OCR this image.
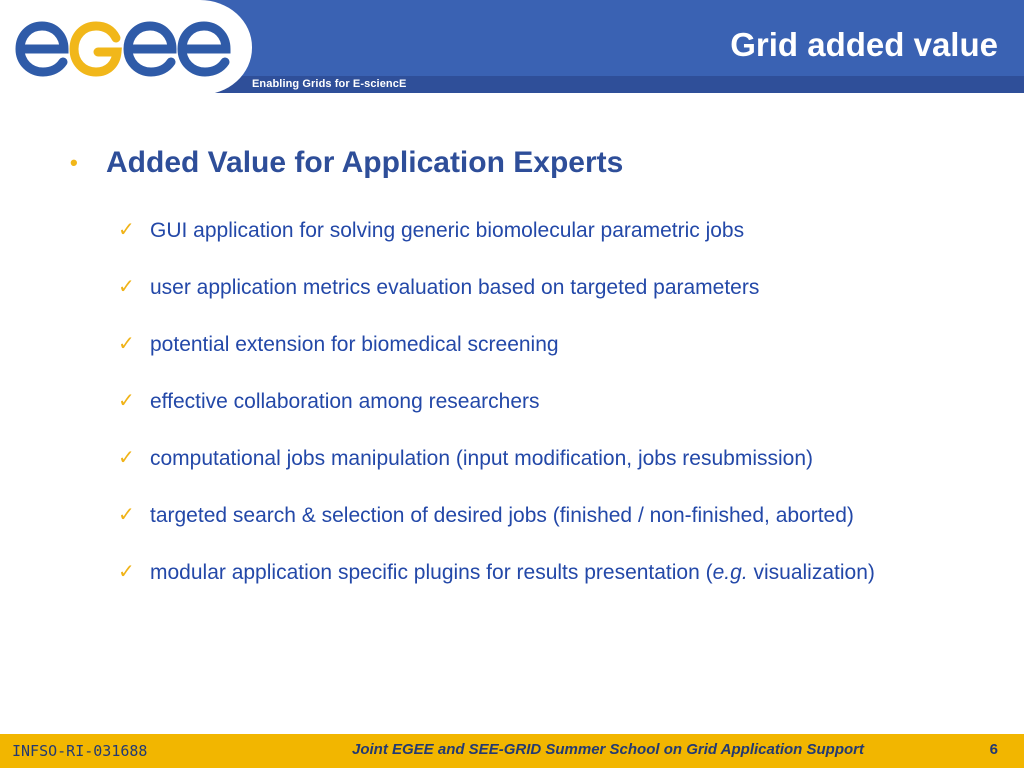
Enabling Grids for E-sciencE
Grid added value
• Added Value for Application Experts
✓ GUI application for solving generic biomolecular parametric jobs
✓ user application metrics evaluation based on targeted parameters
✓ potential extension for biomedical screening
✓ effective collaboration among researchers
✓ computational jobs manipulation (input modification, jobs resubmission)
✓ targeted search & selection of desired jobs (finished / non-finished, aborted)
✓ modular application specific plugins for results presentation (e.g. visualization)
INFSO-RI-031688	Joint EGEE and SEE-GRID Summer School on Grid Application Support	6
